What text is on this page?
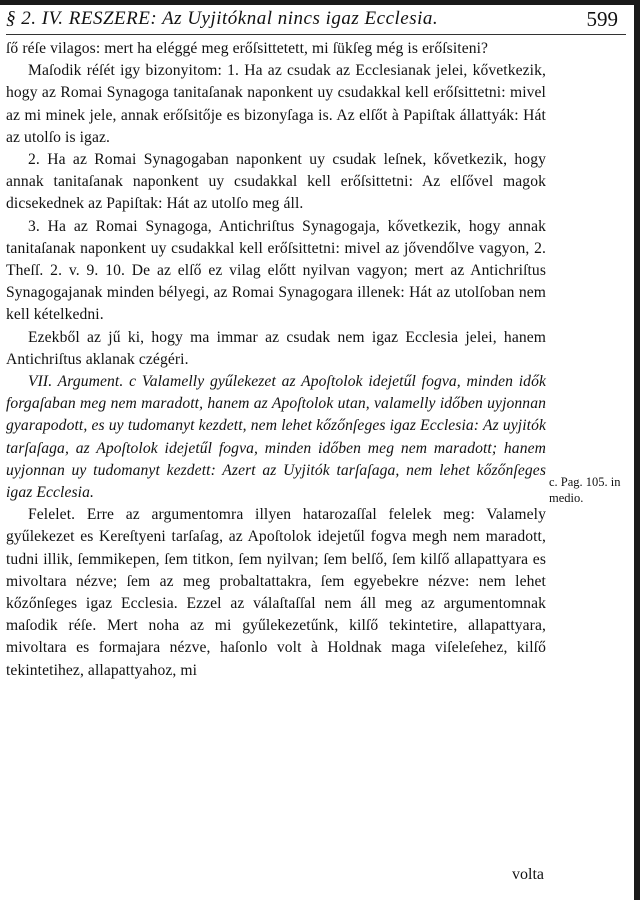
§ 2. IV. RESZERE: Az Uyjitóknal nincs igaz Ecclesia.	599

ſő réſe vilagos: mert ha eléggé meg erőſsittetett, mi ſükſeg még is erőſsiteni?

Maſodik réſét igy bizonyitom: 1. Ha az csudak az Ecclesianak jelei, kővetkezik, hogy az Romai Synagoga tanitaſanak naponkent uy csudakkal kell erőſsittetni: mivel az mi minek jele, annak erőſsitője es bizonyſaga is. Az elſőt à Papiſtak állattyák: Hát az utolſo is igaz.

2. Ha az Romai Synagogaban naponkent uy csudak leſnek, kővetkezik, hogy annak tanitaſanak naponkent uy csudakkal kell erőſsittetni: Az elſővel magok dicsekednek az Papiſtak: Hát az utolſo meg áll.

3. Ha az Romai Synagoga, Antichriſtus Synagogaja, kővetkezik, hogy annak tanitaſanak naponkent uy csudakkal kell erőſsittetni: mivel az jővendőlve vagyon, 2. Theſſ. 2. v. 9. 10. De az elſő ez vilag előtt nyilvan vagyon; mert az Antichriſtus Synagogajanak minden bélyegi, az Romai Synagogara illenek: Hát az utolſoban nem kell kételkedni.

Ezekből az jű ki, hogy ma immar az csudak nem igaz Ecclesia jelei, hanem Antichriſtus aklanak czégéri.

VII. Argument. c Valamelly gyűlekezet az Apoſtolok idejetűl fogva, minden idők forgaſaban meg nem maradott, hanem az Apoſtolok utan, valamelly időben uyjonnan gyarapodott, es uy tudomanyt kezdett, nem lehet kőzőnſeges igaz Ecclesia: Az uyjitók tarſaſaga, az Apoſtolok idejetűl fogva, minden időben meg nem maradott; hanem uyjonnan uy tudomanyt kezdett: Azert az Uyjitók tarſaſaga, nem lehet kőzőnſeges igaz Ecclesia.

Felelet. Erre az argumentomra illyen hatarozaſſal felelek meg: Valamely gyűlekezet es Kereſtyeni tarſaſag, az Apoſtolok idejetűl fogva megh nem maradott, tudni illik, ſemmikepen, ſem titkon, ſem nyilvan; ſem belſő, ſem kilſő allapattyara es mivoltara nézve; ſem az meg probaltattakra, ſem egyebekre nézve: nem lehet kőzőnſeges igaz Ecclesia. Ezzel az válaſtaſſal nem áll meg az argumentomnak maſodik réſe. Mert noha az mi gyűlekezetűnk, kilſő tekintetire, allapattyara, mivoltara es formajara nézve, haſonlo volt à Holdnak maga viſeleſehez, kilſő tekintetihez, allapattyahoz, mi

c. Pag. 105. in medio.
volta
